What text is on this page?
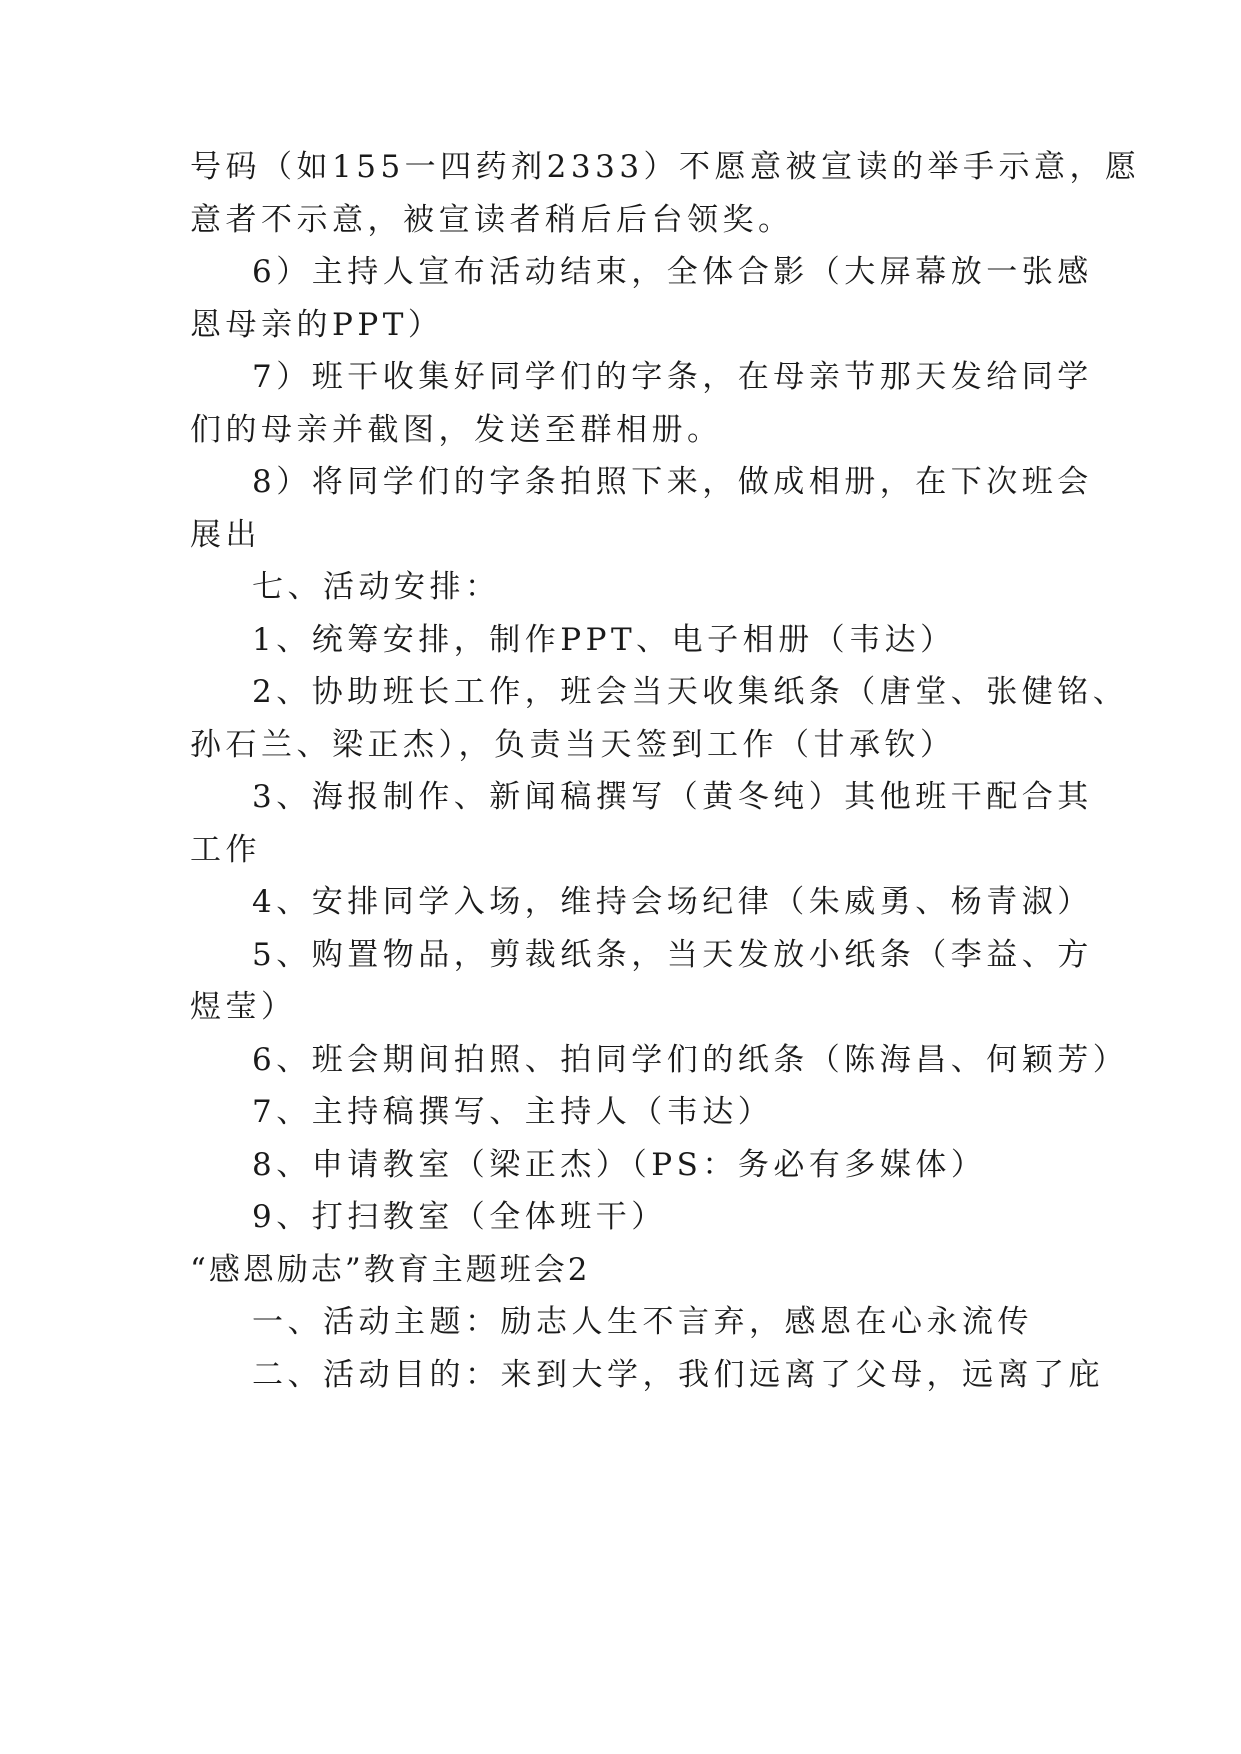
号码（如155一四药剂2333）不愿意被宣读的举手示意，愿
意者不示意，被宣读者稍后后台领奖。
6）主持人宣布活动结束，全体合影（大屏幕放一张感
恩母亲的PPT）
7）班干收集好同学们的字条，在母亲节那天发给同学
们的母亲并截图，发送至群相册。
8）将同学们的字条拍照下来，做成相册，在下次班会
展出
七、活动安排：
1、统筹安排，制作PPT、电子相册（韦达）
2、协助班长工作，班会当天收集纸条（唐堂、张健铭、
孙石兰、梁正杰），负责当天签到工作（甘承钦）
3、海报制作、新闻稿撰写（黄冬纯）其他班干配合其
工作
4、安排同学入场，维持会场纪律（朱威勇、杨青淑）
5、购置物品，剪裁纸条，当天发放小纸条（李益、方
煜莹）
6、班会期间拍照、拍同学们的纸条（陈海昌、何颖芳）
7、主持稿撰写、主持人（韦达）
8、申请教室（梁正杰）（PS：务必有多媒体）
9、打扫教室（全体班干）
“感恩励志”教育主题班会2
一、活动主题：励志人生不言弃，感恩在心永流传
二、活动目的：来到大学，我们远离了父母，远离了庇
